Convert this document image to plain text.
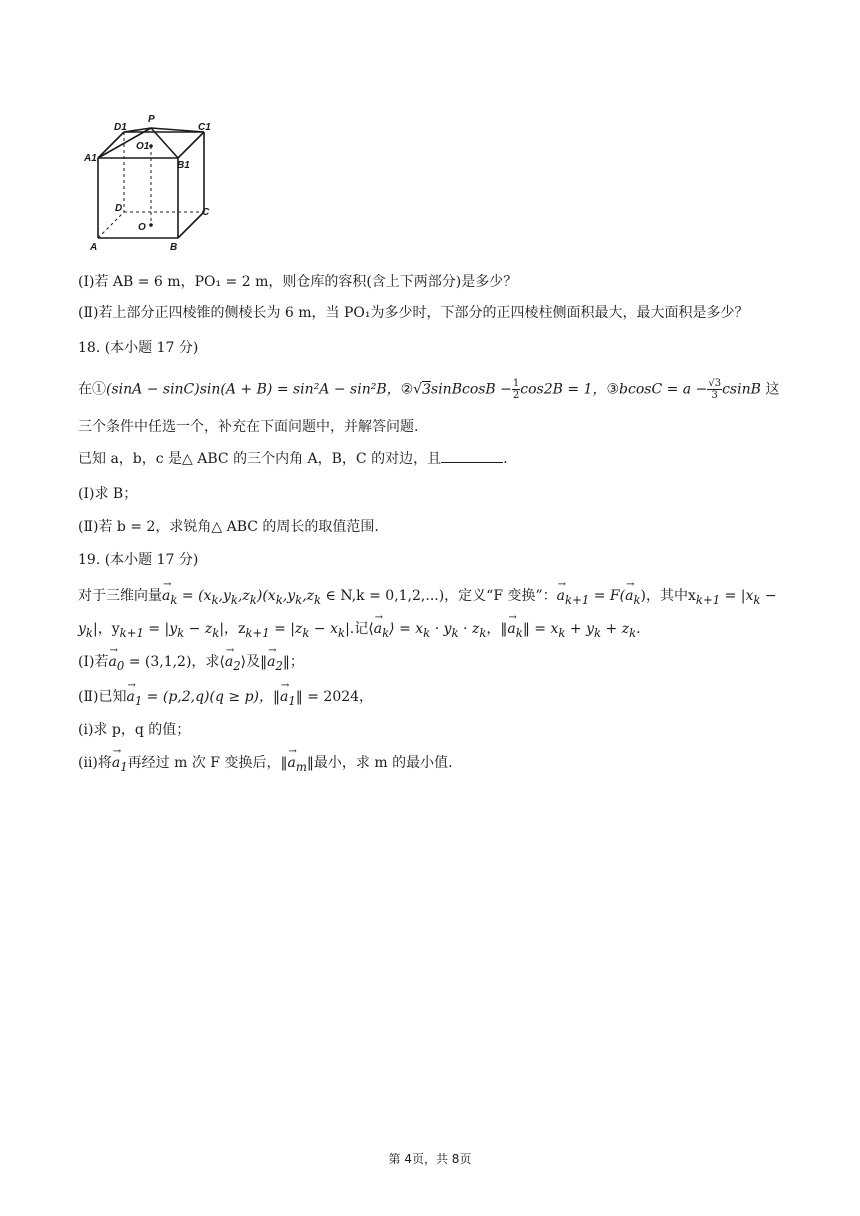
P
D1	C1
O1
A1
B1
D	C
O
A	B
(Ⅰ)若 AB = 6 m，PO₁ = 2 m，则仓库的容积(含上下两部分)是多少？
(Ⅱ)若上部分正四棱锥的侧棱长为 6 m，当 PO₁为多少时，下部分的正四棱柱侧面积最大，最大面积是多少？
18. (本小题 17 分)
在①(sinA − sinC)sin(A + B) = sin²A − sin²B，②√3sinBcosB − $\frac{1}{2} \cos 2B = 1$，③bcosC = $a - \frac{√3}{3}$ csinB 这
三个条件中任选一个，补充在下面问题中，并解答问题.
已知 a，b，c 是△ ABC 的三个内角 A，B，C 的对边，且	.
(Ⅰ)求 B；
(Ⅱ)若 b = 2，求锐角△ ABC 的周长的取值范围.
19. (本小题 17 分)
对于三维向量→ $a_k = (x_k,y_k,z_k)(x_k,y_k,z_k$ ∈ N,k = 0,1,2,...)，定义“F 变换”：→ $a_{k+1} = F(\to a_k)$，其中$x_{k+1} = |x_k$ −
$y_k|$，$y_{k+1} = |y_k - z_k|$，$z_{k+1} = |z_k - x_k|$.记⟨→ $a_k⟩ = x_k \cdot y_k \cdot z_k$，‖→ $a_k‖ = x_k + y_k + z_k$.
(Ⅰ)若→ $a_0 = (3,1,2)$，求⟨→ $a_2⟩$及‖→ $a_2‖$；
(Ⅱ)已知→ $a_1 = (p,2,q)(q \ge p)$，‖→ $a_1‖ = 2024$，
(ⅰ)求 p，q 的值；
(ⅱ)将→ $a_1$再经过 m 次 F 变换后，‖→ $a_m‖$最小，求 m 的最小值.
第 4页，共 8页
